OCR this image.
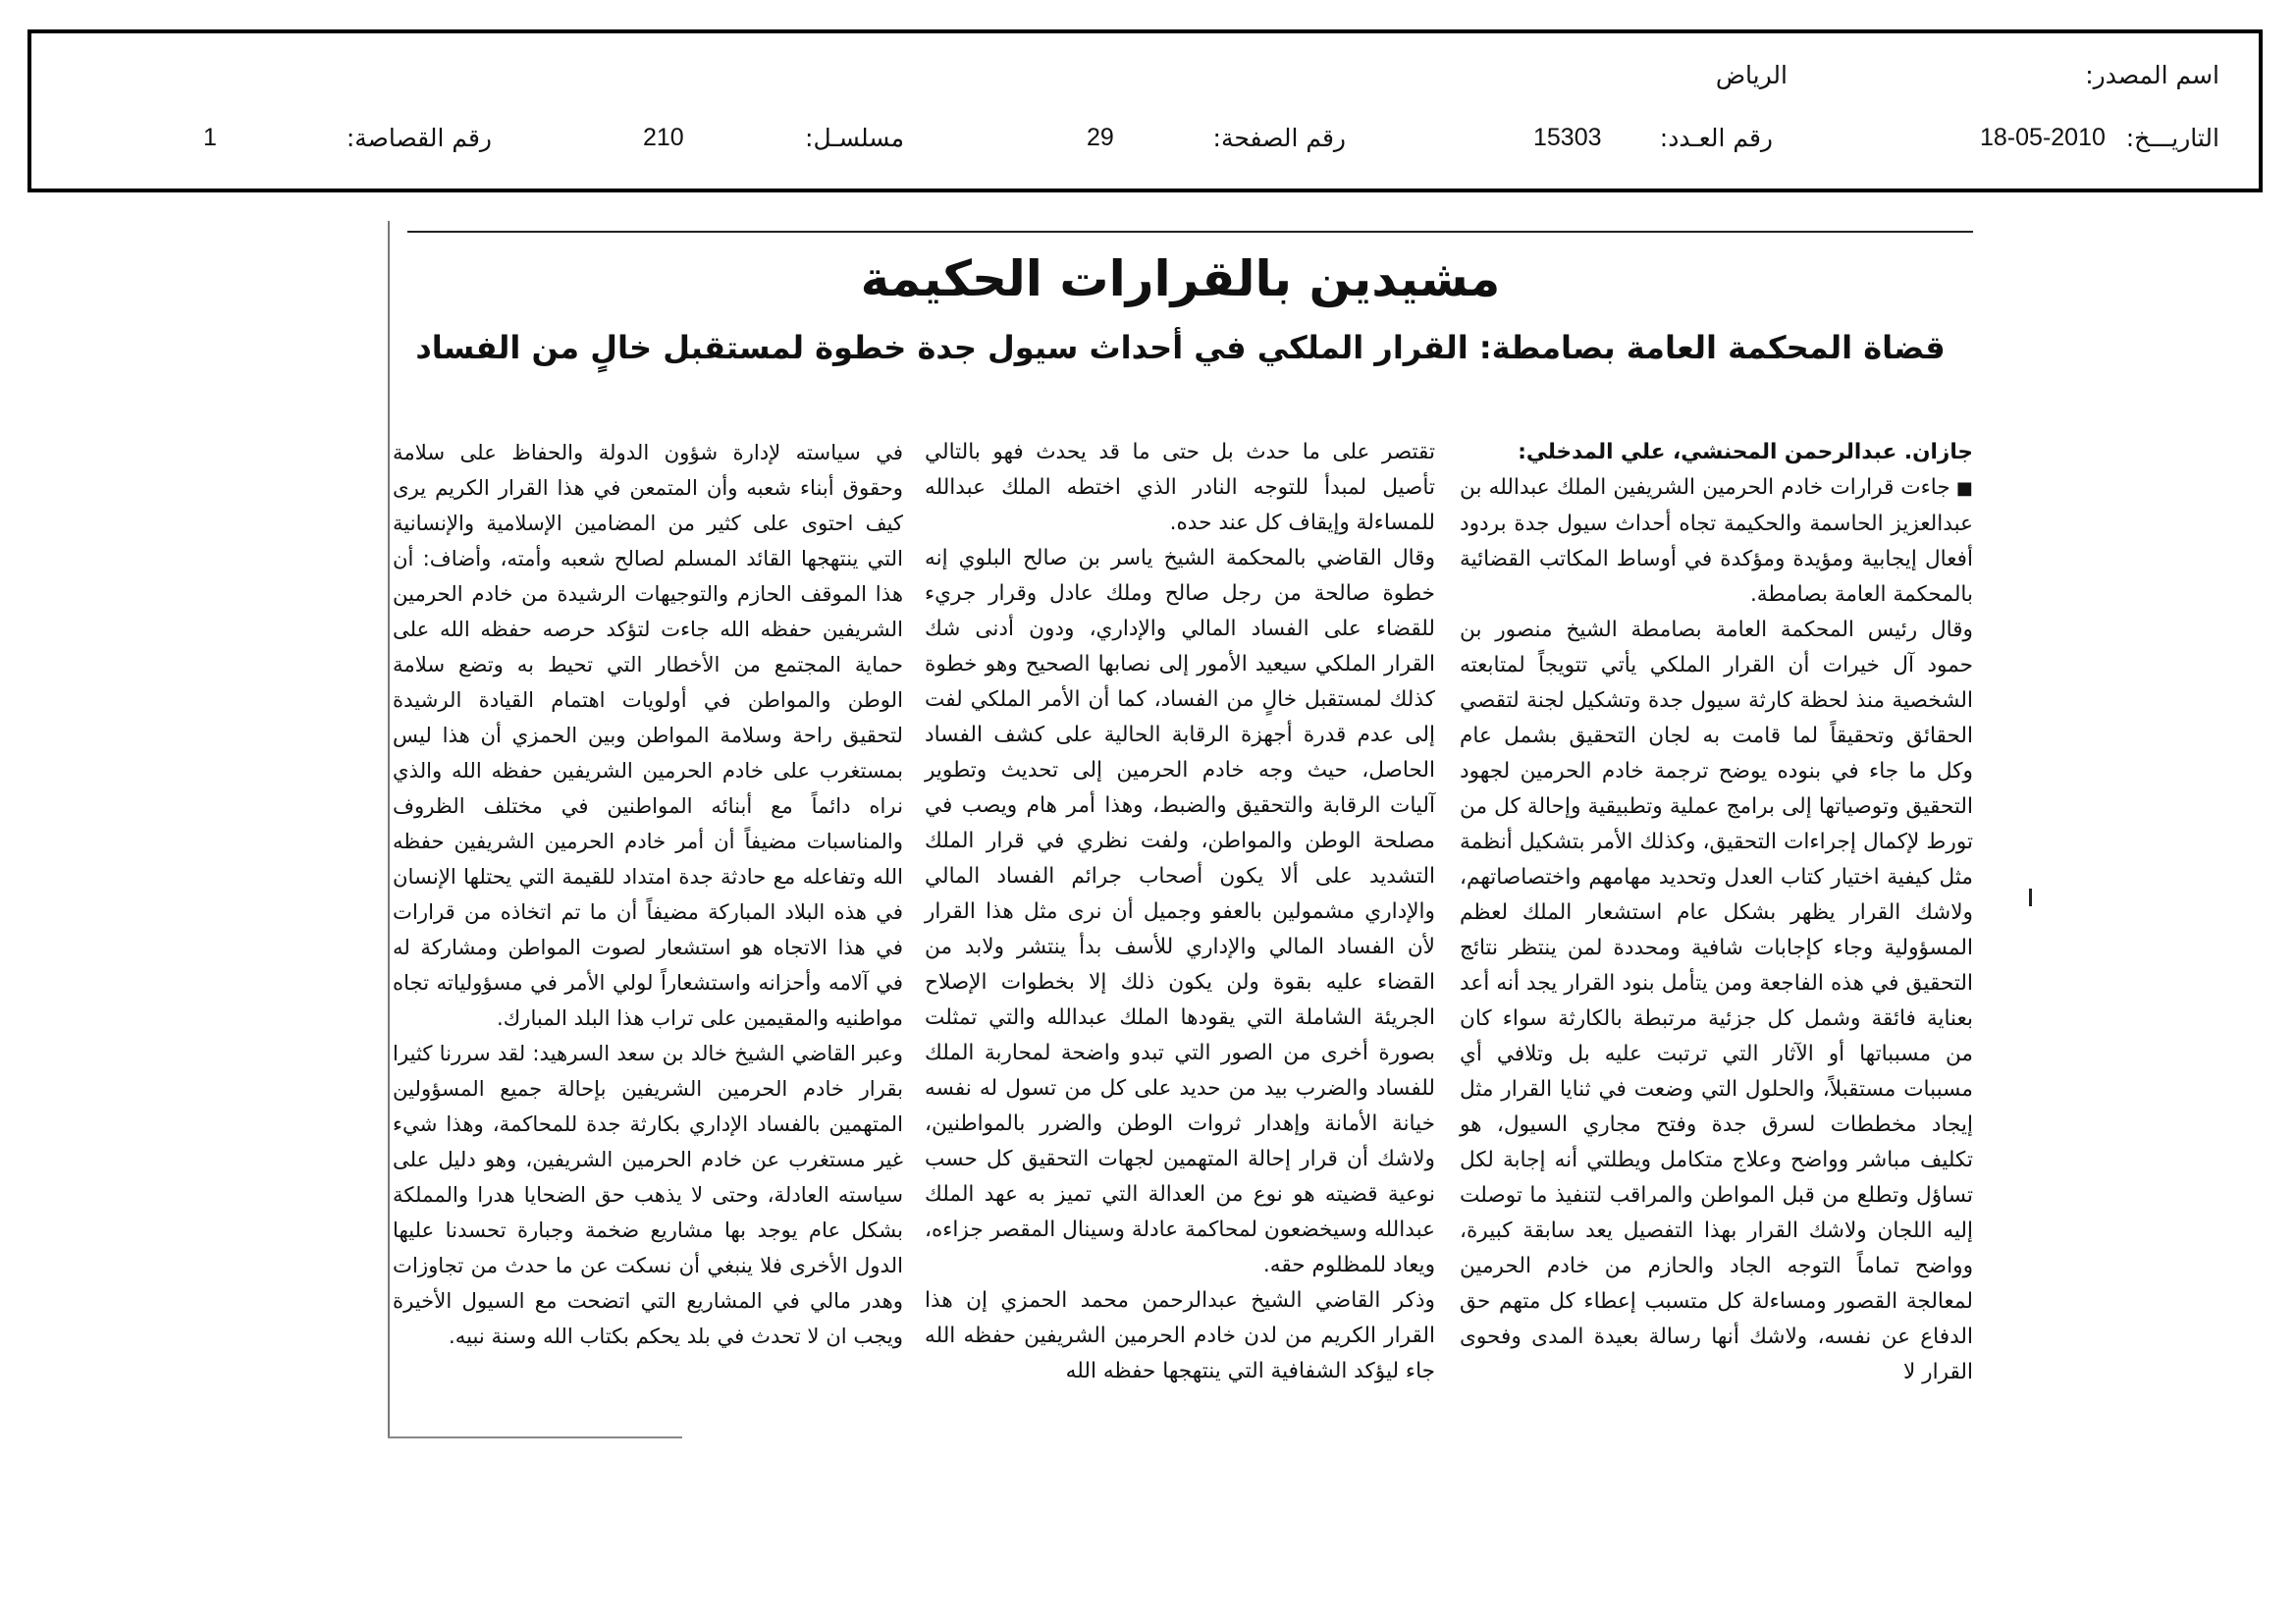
اسم المصدر:
الرياض
التاريـــخ:
18-05-2010
رقم العـدد:
15303
رقم الصفحة:
29
مسلسـل:
210
رقم القصاصة:
1
مشيدين بالقرارات الحكيمة
قضاة المحكمة العامة بصامطة: القرار الملكي في أحداث سيول جدة خطوة لمستقبل خالٍ من الفساد

جازان. عبدالرحمن المحنشي، علي المدخلي:

■ جاءت قرارات خادم الحرمين الشريفين الملك عبدالله بن عبدالعزيز الحاسمة والحكيمة تجاه أحداث سيول جدة بردود أفعال إيجابية ومؤيدة ومؤكدة في أوساط المكاتب القضائية بالمحكمة العامة بصامطة.

وقال رئيس المحكمة العامة بصامطة الشيخ منصور بن حمود آل خيرات أن القرار الملكي يأتي تتويجاً لمتابعته الشخصية منذ لحظة كارثة سيول جدة وتشكيل لجنة لتقصي الحقائق وتحقيقاً لما قامت به لجان التحقيق بشمل عام وكل ما جاء في بنوده يوضح ترجمة خادم الحرمين لجهود التحقيق وتوصياتها إلى برامج عملية وتطبيقية وإحالة كل من تورط لإكمال إجراءات التحقيق، وكذلك الأمر بتشكيل أنظمة مثل كيفية اختيار كتاب العدل وتحديد مهامهم واختصاصاتهم، ولاشك القرار يظهر بشكل عام استشعار الملك لعظم المسؤولية وجاء كإجابات شافية ومحددة لمن ينتظر نتائج التحقيق في هذه الفاجعة ومن يتأمل بنود القرار يجد أنه أعد بعناية فائقة وشمل كل جزئية مرتبطة بالكارثة سواء كان من مسبباتها أو الآثار التي ترتبت عليه بل وتلافي أي مسببات مستقبلاً، والحلول التي وضعت في ثنايا القرار مثل إيجاد مخططات لسرق جدة وفتح مجاري السيول، هو تكليف مباشر وواضح وعلاج متكامل ويطلتي أنه إجابة لكل تساؤل وتطلع من قبل المواطن والمراقب لتنفيذ ما توصلت إليه اللجان ولاشك القرار بهذا التفصيل يعد سابقة كبيرة، وواضح تماماً التوجه الجاد والحازم من خادم الحرمين لمعالجة القصور ومساءلة كل متسبب إعطاء كل متهم حق الدفاع عن نفسه، ولاشك أنها رسالة بعيدة المدى وفحوى القرار لا

تقتصر على ما حدث بل حتى ما قد يحدث فهو بالتالي تأصيل لمبدأ للتوجه النادر الذي اختطه الملك عبدالله للمساءلة وإيقاف كل عند حده.

وقال القاضي بالمحكمة الشيخ ياسر بن صالح البلوي إنه خطوة صالحة من رجل صالح وملك عادل وقرار جريء للقضاء على الفساد المالي والإداري، ودون أدنى شك القرار الملكي سيعيد الأمور إلى نصابها الصحيح وهو خطوة كذلك لمستقبل خالٍ من الفساد، كما أن الأمر الملكي لفت إلى عدم قدرة أجهزة الرقابة الحالية على كشف الفساد الحاصل، حيث وجه خادم الحرمين إلى تحديث وتطوير آليات الرقابة والتحقيق والضبط، وهذا أمر هام ويصب في مصلحة الوطن والمواطن، ولفت نظري في قرار الملك التشديد على ألا يكون أصحاب جرائم الفساد المالي والإداري مشمولين بالعفو وجميل أن نرى مثل هذا القرار لأن الفساد المالي والإداري للأسف بدأ ينتشر ولابد من القضاء عليه بقوة ولن يكون ذلك إلا بخطوات الإصلاح الجريئة الشاملة التي يقودها الملك عبدالله والتي تمثلت بصورة أخرى من الصور التي تبدو واضحة لمحاربة الملك للفساد والضرب بيد من حديد على كل من تسول له نفسه خيانة الأمانة وإهدار ثروات الوطن والضرر بالمواطنين، ولاشك أن قرار إحالة المتهمين لجهات التحقيق كل حسب نوعية قضيته هو نوع من العدالة التي تميز به عهد الملك عبدالله وسيخضعون لمحاكمة عادلة وسينال المقصر جزاءه، ويعاد للمظلوم حقه.

وذكر القاضي الشيخ عبدالرحمن محمد الحمزي إن هذا القرار الكريم من لدن خادم الحرمين الشريفين حفظه الله جاء ليؤكد الشفافية التي ينتهجها حفظه الله

في سياسته لإدارة شؤون الدولة والحفاظ على سلامة وحقوق أبناء شعبه وأن المتمعن في هذا القرار الكريم يرى كيف احتوى على كثير من المضامين الإسلامية والإنسانية التي ينتهجها القائد المسلم لصالح شعبه وأمته، وأضاف: أن هذا الموقف الحازم والتوجيهات الرشيدة من خادم الحرمين الشريفين حفظه الله جاءت لتؤكد حرصه حفظه الله على حماية المجتمع من الأخطار التي تحيط به وتضع سلامة الوطن والمواطن في أولويات اهتمام القيادة الرشيدة لتحقيق راحة وسلامة المواطن وبين الحمزي أن هذا ليس بمستغرب على خادم الحرمين الشريفين حفظه الله والذي نراه دائماً مع أبنائه المواطنين في مختلف الظروف والمناسبات مضيفاً أن أمر خادم الحرمين الشريفين حفظه الله وتفاعله مع حادثة جدة امتداد للقيمة التي يحتلها الإنسان في هذه البلاد المباركة مضيفاً أن ما تم اتخاذه من قرارات في هذا الاتجاه هو استشعار لصوت المواطن ومشاركة له في آلامه وأحزانه واستشعاراً لولي الأمر في مسؤولياته تجاه مواطنيه والمقيمين على تراب هذا البلد المبارك.

وعبر القاضي الشيخ خالد بن سعد السرهيد: لقد سررنا كثيرا بقرار خادم الحرمين الشريفين بإحالة جميع المسؤولين المتهمين بالفساد الإداري بكارثة جدة للمحاكمة، وهذا شيء غير مستغرب عن خادم الحرمين الشريفين، وهو دليل على سياسته العادلة، وحتى لا يذهب حق الضحايا هدرا والمملكة بشكل عام يوجد بها مشاريع ضخمة وجبارة تحسدنا عليها الدول الأخرى فلا ينبغي أن نسكت عن ما حدث من تجاوزات وهدر مالي في المشاريع التي اتضحت مع السيول الأخيرة ويجب ان لا تحدث في بلد يحكم بكتاب الله وسنة نبيه.
